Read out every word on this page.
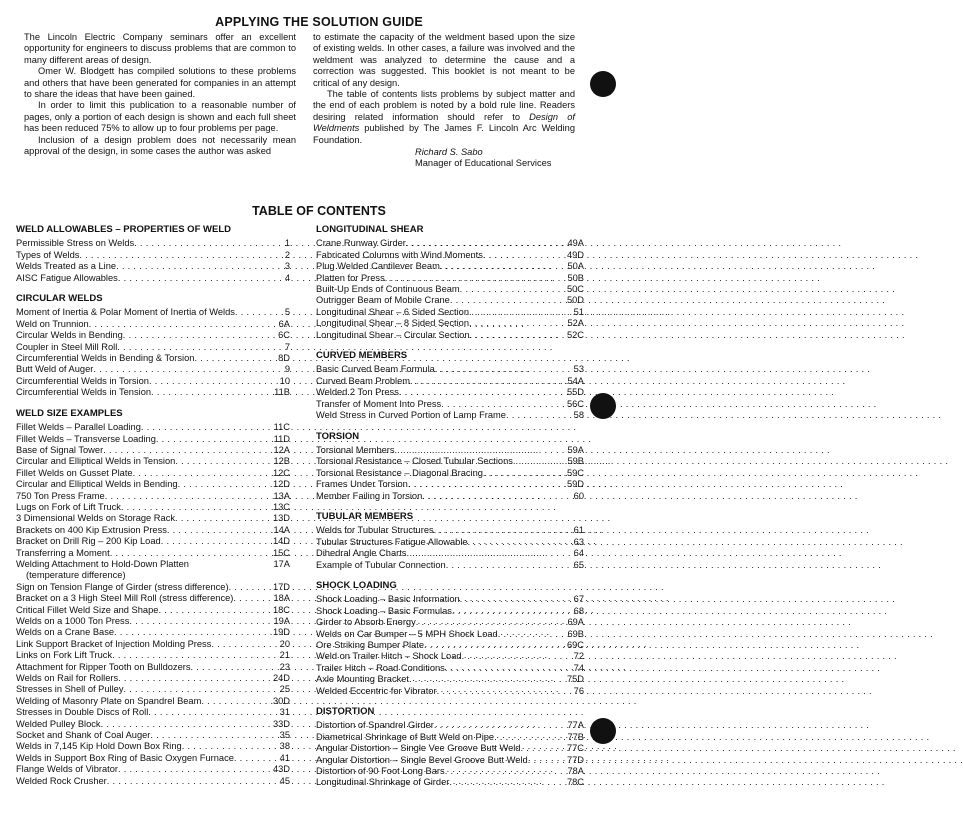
APPLYING THE SOLUTION GUIDE

The Lincoln Electric Company seminars offer an excellent opportunity for engineers to discuss problems that are common to many different areas of design.

Omer W. Blodgett has compiled solutions to these problems and others that have been generated for companies in an attempt to share the ideas that have been gained.

In order to limit this publication to a reasonable number of pages, only a portion of each design is shown and each full sheet has been reduced 75% to allow up to four problems per page.

Inclusion of a design problem does not necessarily mean approval of the design, in some cases the author was asked

to estimate the capacity of the weldment based upon the size of existing welds. In other cases, a failure was involved and the weldment was analyzed to determine the cause and a correction was suggested. This booklet is not meant to be critical of any design.

The table of contents lists problems by subject matter and the end of each problem is noted by a bold rule line. Readers desiring related information should refer to Design of Weldments published by The James F. Lincoln Arc Welding Foundation.

Richard S. Sabo
Manager of Educational Services
TABLE OF CONTENTS
WELD ALLOWABLES – PROPERTIES OF WELD
Permissible Stress on Welds . . .	1
Types of Welds . . .	2
Welds Treated as a Line . . .	3
AISC Fatigue Allowables . . .	4
CIRCULAR WELDS
Moment of Inertia & Polar Moment of Inertia of Welds . . .	5
Weld on Trunnion . . .	6A
Circular Welds in Bending . . .	6C
Coupler in Steel Mill Roll . . .	7
Circumferential Welds in Bending & Torsion . . .	8D
Butt Weld of Auger . . .	9
Circumferential Welds in Torsion . . .	10
Circumferential Welds in Tension . . .	11B
WELD SIZE EXAMPLES
Fillet Welds – Parallel Loading . . .	11C
Fillet Welds – Transverse Loading . . .	11D
Base of Signal Tower . . .	12A
Circular and Elliptical Welds in Tension . . .	12B
Fillet Welds on Gusset Plate . . .	12C
Circular and Elliptical Welds in Bending . . .	12D
750 Ton Press Frame . . .	13A
Lugs on Fork of Lift Truck . . .	13C
3 Dimensional Welds on Storage Rack . . .	13D
Brackets on 400 Kip Extrusion Press . . .	14A
Bracket on Drill Rig – 200 Kip Load . . .	14D
Transferring a Moment . . .	15C
Welding Attachment to Hold-Down Platten	17A
(temperature difference)
Sign on Tension Flange of Girder (stress difference) . . .	17D
Bracket on a 3 High Steel Mill Roll (stress difference) . . .	18A
Critical Fillet Weld Size and Shape . . .	18C
Welds on a 1000 Ton Press . . .	19A
Welds on a Crane Base . . .	19D
Link Support Bracket of Injection Molding Press . . .	20
Links on Fork Lift Truck . . .	21
Attachment for Ripper Tooth on Bulldozers . . .	23
Welds on Rail for Rollers . . .	24D
Stresses in Shell of Pulley . . .	25
Welding of Masonry Plate on Spandrel Beam . . .	30D
Stresses in Double Discs of Roll . . .	31
Welded Pulley Block . . .	33D
Socket and Shank of Coal Auger . . .	35
Welds in 7,145 Kip Hold Down Box Ring . . .	38
Welds in Support Box Ring of Basic Oxygen Furnace . . .	41
Flange Welds of Vibrator . . .	43D
Welded Rock Crusher . . .	45
LONGITUDINAL SHEAR
Crane Runway Girder . . .	49A
Fabricated Columns with Wind Moments . . .	49D
Plug Welded Cantilever Beam . . .	50A
Platten for Press . . .	50B
Built-Up Ends of Continuous Beam . . .	50C
Outrigger Beam of Mobile Crane . . .	50D
Longitudinal Shear – 6 Sided Section . . .	51
Longitudinal Shear – 8 Sided Section . . .	52A
Longitudinal Shear – Circular Section . . .	52C
CURVED MEMBERS
Basic Curved Beam Formula . . .	53
Curved Beam Problem . . .	54A
Welded 2 Ton Press . . .	55D
Transfer of Moment Into Press . . .	56C
Weld Stress in Curved Portion of Lamp Frame . . .	58
TORSION
Torsional Members . . .	59A
Torsional Resistance – Closed Tubular Sections . . .	59B
Torsional Resistance – Diagonal Bracing . . .	59C
Frames Under Torsion . . .	59D
Member Failing in Torsion . . .	60
TUBULAR MEMBERS
Welds for Tubular Structures . . .	61
Tubular Structures Fatigue Allowable . . .	63
Dihedral Angle Charts . . .	64
Example of Tubular Connection . . .	65
SHOCK LOADING
Shock Loading – Basic Information . . .	67
Shock Loading – Basic Formulas . . .	68
Girder to Absorb Energy . . .	69A
Welds on Car Bumper – 5 MPH Shock Load . . .	69B
Ore Striking Bumper Plate . . .	69C
Weld on Trailer Hitch – Shock Load . . .	72
Trailer Hitch – Road Conditions . . .	74
Axle Mounting Bracket . . .	75D
Welded Eccentric for Vibrator . . .	76
DISTORTION
Distortion of Spandrel Girder . . .	77A
Diametrical Shrinkage of Butt Weld on Pipe . . .	77B
Angular Distortion – Single Vee Groove Butt Weld . . .	77C
Angular Distortion – Single Bevel Groove Butt Weld . . .	77D
Distortion of 90 Foot Long Bars . . .	78A
Longitudinal Shrinkage of Girder . . .	78C
